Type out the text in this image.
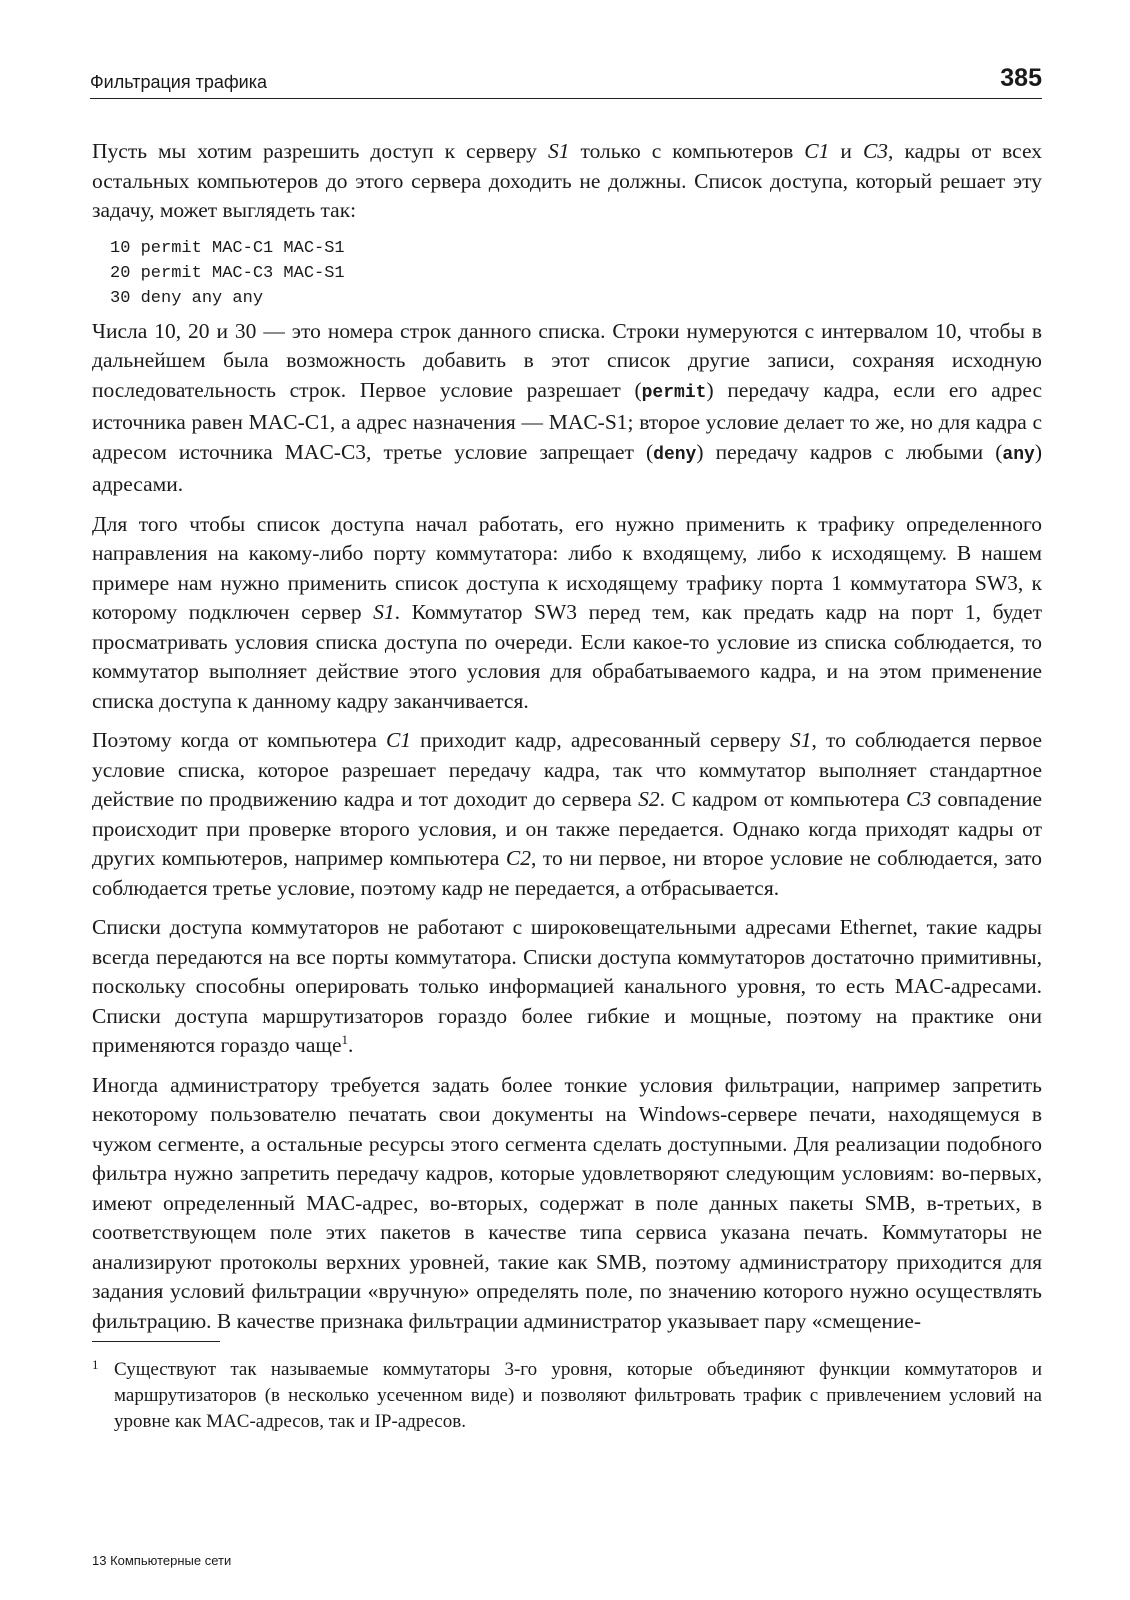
Фильтрация трафика	385

Пусть мы хотим разрешить доступ к серверу S1 только с компьютеров C1 и C3, кадры от всех остальных компьютеров до этого сервера доходить не должны. Список доступа, который решает эту задачу, может выглядеть так:

10 permit MAC-C1 MAC-S1
20 permit MAC-C3 MAC-S1
30 deny any any

Числа 10, 20 и 30 — это номера строк данного списка. Строки нумеруются с интервалом 10, чтобы в дальнейшем была возможность добавить в этот список другие записи, сохраняя исходную последовательность строк. Первое условие разрешает (permit) передачу кадра, если его адрес источника равен MAC-C1, а адрес назначения — MAC-S1; второе условие делает то же, но для кадра с адресом источника MAC-C3, третье условие запрещает (deny) передачу кадров с любыми (any) адресами.

Для того чтобы список доступа начал работать, его нужно применить к трафику определенного направления на какому-либо порту коммутатора: либо к входящему, либо к исходящему. В нашем примере нам нужно применить список доступа к исходящему трафику порта 1 коммутатора SW3, к которому подключен сервер S1. Коммутатор SW3 перед тем, как предать кадр на порт 1, будет просматривать условия списка доступа по очереди. Если какое-то условие из списка соблюдается, то коммутатор выполняет действие этого условия для обрабатываемого кадра, и на этом применение списка доступа к данному кадру заканчивается.

Поэтому когда от компьютера C1 приходит кадр, адресованный серверу S1, то соблюдается первое условие списка, которое разрешает передачу кадра, так что коммутатор выполняет стандартное действие по продвижению кадра и тот доходит до сервера S2. С кадром от компьютера C3 совпадение происходит при проверке второго условия, и он также передается. Однако когда приходят кадры от других компьютеров, например компьютера C2, то ни первое, ни второе условие не соблюдается, зато соблюдается третье условие, поэтому кадр не передается, а отбрасывается.

Списки доступа коммутаторов не работают с широковещательными адресами Ethernet, такие кадры всегда передаются на все порты коммутатора. Списки доступа коммутаторов достаточно примитивны, поскольку способны оперировать только информацией канального уровня, то есть MAC-адресами. Списки доступа маршрутизаторов гораздо более гибкие и мощные, поэтому на практике они применяются гораздо чаще$^1$.

Иногда администратору требуется задать более тонкие условия фильтрации, например запретить некоторому пользователю печатать свои документы на Windows-сервере печати, находящемуся в чужом сегменте, а остальные ресурсы этого сегмента сделать доступными. Для реализации подобного фильтра нужно запретить передачу кадров, которые удовлетворяют следующим условиям: во-первых, имеют определенный MAC-адрес, во-вторых, содержат в поле данных пакеты SMB, в-третьих, в соответствующем поле этих пакетов в качестве типа сервиса указана печать. Коммутаторы не анализируют протоколы верхних уровней, такие как SMB, поэтому администратору приходится для задания условий фильтрации «вручную» определять поле, по значению которого нужно осуществлять фильтрацию. В качестве признака фильтрации администратор указывает пару «смещение-

1 Существуют так называемые коммутаторы 3-го уровня, которые объединяют функции коммутаторов и маршрутизаторов (в несколько усеченном виде) и позволяют фильтровать трафик с привлечением условий на уровне как MAC-адресов, так и IP-адресов.
13 Компьютерные сети
